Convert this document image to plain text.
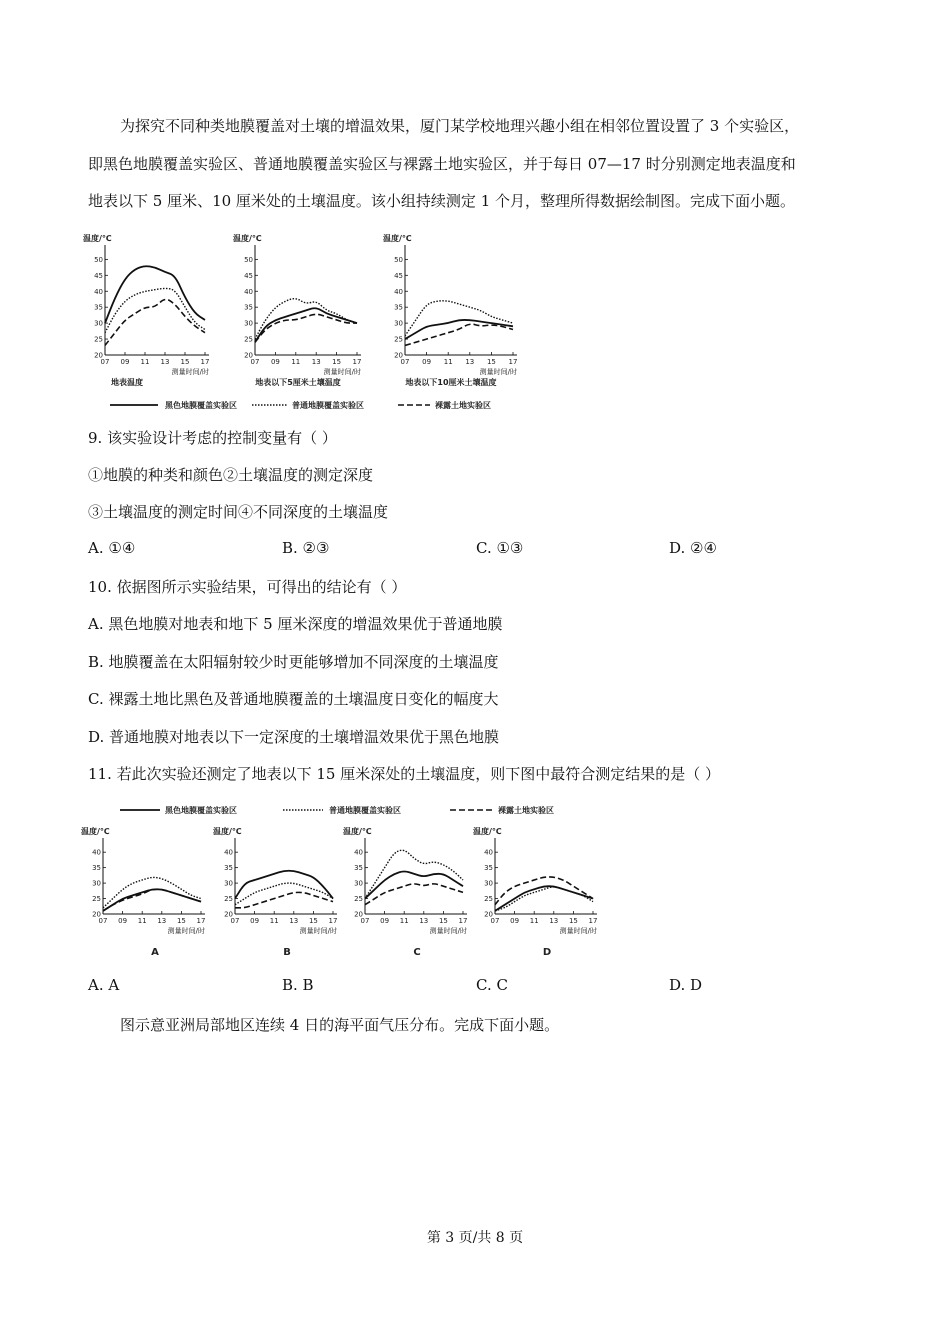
为探究不同种类地膜覆盖对土壤的增温效果，厦门某学校地理兴趣小组在相邻位置设置了 3 个实验区，
即黑色地膜覆盖实验区、普通地膜覆盖实验区与裸露土地实验区，并于每日 07—17 时分别测定地表温度和
地表以下 5 厘米、10 厘米处的土壤温度。该小组持续测定 1 个月，整理所得数据绘制图。完成下面小题。
黑色地膜覆盖实验区	普通地膜覆盖实验区	裸露土地实验区
20
25
30
35
40
45
50
07 09 11 13 15 17
温度/℃
测量时间/时
地表温度
20
25
30
35
40
45
50
07 09 11 13 15 17
温度/℃
测量时间/时
地表以下5厘米土壤温度
20
25
30
35
40
45
50
07 09 11 13 15 17
温度/℃
测量时间/时
地表以下10厘米土壤温度
9. 该实验设计考虑的控制变量有（ ）
①地膜的种类和颜色②土壤温度的测定深度
③土壤温度的测定时间④不同深度的土壤温度
A. ①④	B. ②③	C. ①③	D. ②④
10. 依据图所示实验结果，可得出的结论有（ ）
A. 黑色地膜对地表和地下 5 厘米深度的增温效果优于普通地膜
B. 地膜覆盖在太阳辐射较少时更能够增加不同深度的土壤温度
C. 裸露土地比黑色及普通地膜覆盖的土壤温度日变化的幅度大
D. 普通地膜对地表以下一定深度的土壤增温效果优于黑色地膜
11. 若此次实验还测定了地表以下 15 厘米深处的土壤温度，则下图中最符合测定结果的是（ ）
黑色地膜覆盖实验区	普通地膜覆盖实验区	裸露土地实验区
20
25
30
35
40
07 09 11 13 15 17
温度/℃
测量时间/时
A
20
25
30
35
40
07 09 11 13 15 17
温度/℃
测量时间/时
B
20
25
30
35
40
07 09 11 13 15 17
温度/℃
测量时间/时
C
20
25
30
35
40
07 09 11 13 15 17
温度/℃
测量时间/时
D
A. A	B. B	C. C	D. D
图示意亚洲局部地区连续 4 日的海平面气压分布。完成下面小题。
第 3 页/共 8 页
